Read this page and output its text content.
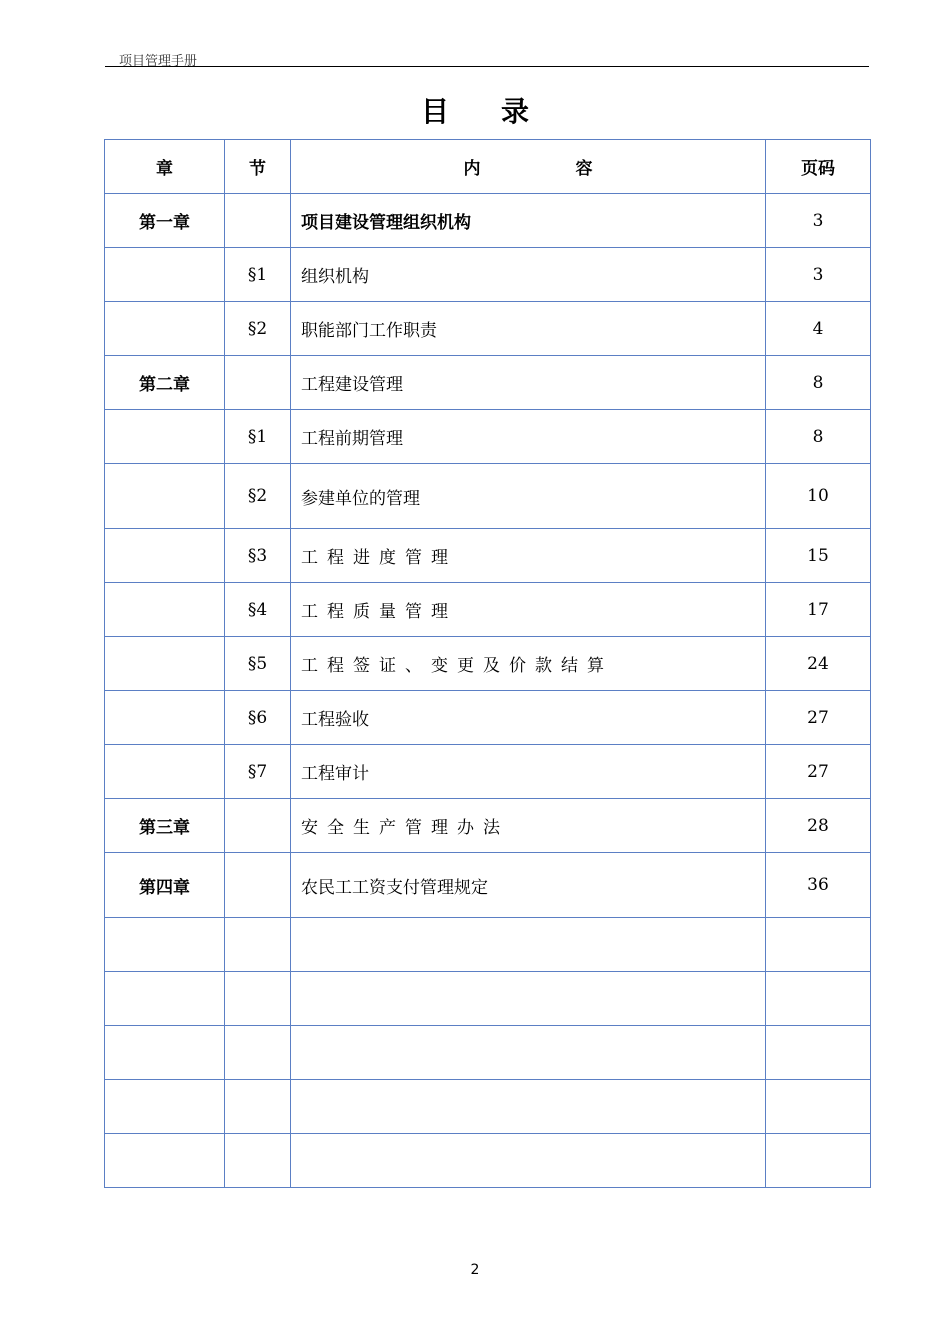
项目管理手册
目录
章	节	内 容	页码
第一章		项目建设管理组织机构	3
	§1	组织机构	3
	§2	职能部门工作职责	4
第二章		工程建设管理	8
	§1	工程前期管理	8
	§2	参建单位的管理	10
	§3	工程进度管理	15
	§4	工程质量管理	17
	§5	工程签证、变更及价款结算	24
	§6	工程验收	27
	§7	工程审计	27
第三章		安全生产管理办法	28
第四章		农民工工资支付管理规定	36

2
